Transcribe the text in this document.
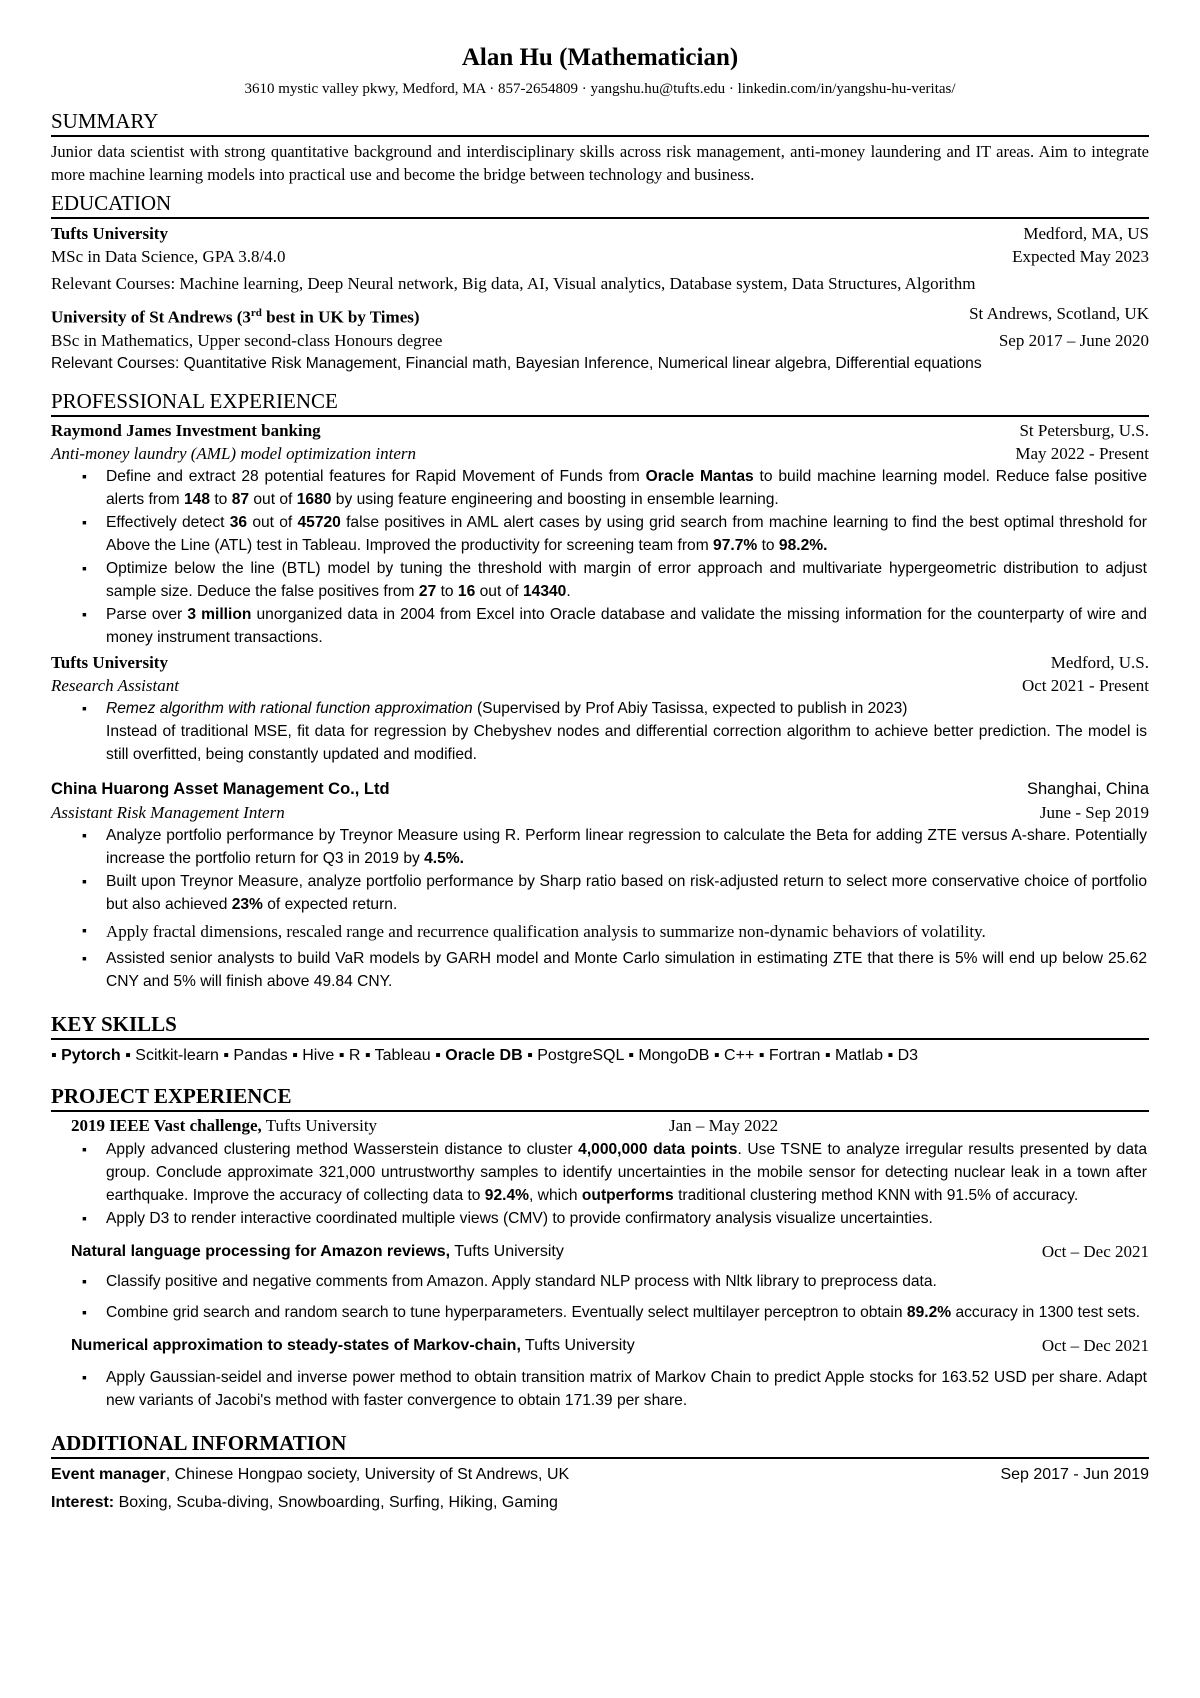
Alan Hu (Mathematician)
3610 mystic valley pkwy, Medford, MA · 857-2654809 · yangshu.hu@tufts.edu · linkedin.com/in/yangshu-hu-veritas/
SUMMARY
Junior data scientist with strong quantitative background and interdisciplinary skills across risk management, anti-money laundering and IT areas. Aim to integrate more machine learning models into practical use and become the bridge between technology and business.
EDUCATION
Tufts University	Medford, MA, US
MSc in Data Science, GPA 3.8/4.0	Expected May 2023
Relevant Courses: Machine learning, Deep Neural network, Big data, AI, Visual analytics, Database system, Data Structures, Algorithm
University of St Andrews (3rd best in UK by Times)	St Andrews, Scotland, UK
BSc in Mathematics, Upper second-class Honours degree	Sep 2017 – June 2020
Relevant Courses: Quantitative Risk Management, Financial math, Bayesian Inference, Numerical linear algebra, Differential equations
PROFESSIONAL EXPERIENCE
Raymond James Investment banking	St Petersburg, U.S.
Anti-money laundry (AML) model optimization intern	May 2022 - Present
▪ Define and extract 28 potential features for Rapid Movement of Funds from Oracle Mantas to build machine learning model. Reduce false positive alerts from 148 to 87 out of 1680 by using feature engineering and boosting in ensemble learning.
▪ Effectively detect 36 out of 45720 false positives in AML alert cases by using grid search from machine learning to find the best optimal threshold for Above the Line (ATL) test in Tableau. Improved the productivity for screening team from 97.7% to 98.2%.
▪ Optimize below the line (BTL) model by tuning the threshold with margin of error approach and multivariate hypergeometric distribution to adjust sample size. Deduce the false positives from 27 to 16 out of 14340.
▪ Parse over 3 million unorganized data in 2004 from Excel into Oracle database and validate the missing information for the counterparty of wire and money instrument transactions.
Tufts University	Medford, U.S.
Research Assistant	Oct 2021 - Present
▪ Remez algorithm with rational function approximation (Supervised by Prof Abiy Tasissa, expected to publish in 2023)
Instead of traditional MSE, fit data for regression by Chebyshev nodes and differential correction algorithm to achieve better prediction. The model is still overfitted, being constantly updated and modified.
China Huarong Asset Management Co., Ltd	Shanghai, China
Assistant Risk Management Intern	June - Sep 2019
▪ Analyze portfolio performance by Treynor Measure using R. Perform linear regression to calculate the Beta for adding ZTE versus A-share. Potentially increase the portfolio return for Q3 in 2019 by 4.5%.
▪ Built upon Treynor Measure, analyze portfolio performance by Sharp ratio based on risk-adjusted return to select more conservative choice of portfolio but also achieved 23% of expected return.
▪ Apply fractal dimensions, rescaled range and recurrence qualification analysis to summarize non-dynamic behaviors of volatility.
▪ Assisted senior analysts to build VaR models by GARH model and Monte Carlo simulation in estimating ZTE that there is 5% will end up below 25.62 CNY and 5% will finish above 49.84 CNY.
KEY SKILLS
▪ Pytorch ▪ Scitkit-learn ▪ Pandas ▪ Hive ▪ R ▪ Tableau ▪ Oracle DB ▪ PostgreSQL ▪ MongoDB ▪ C++ ▪ Fortran ▪ Matlab ▪ D3
PROJECT EXPERIENCE
2019 IEEE Vast challenge, Tufts University	Jan – May 2022
▪ Apply advanced clustering method Wasserstein distance to cluster 4,000,000 data points. Use TSNE to analyze irregular results presented by data group. Conclude approximate 321,000 untrustworthy samples to identify uncertainties in the mobile sensor for detecting nuclear leak in a town after earthquake. Improve the accuracy of collecting data to 92.4%, which outperforms traditional clustering method KNN with 91.5% of accuracy.
▪ Apply D3 to render interactive coordinated multiple views (CMV) to provide confirmatory analysis visualize uncertainties.
Natural language processing for Amazon reviews, Tufts University	Oct – Dec 2021
▪ Classify positive and negative comments from Amazon. Apply standard NLP process with Nltk library to preprocess data.
▪ Combine grid search and random search to tune hyperparameters. Eventually select multilayer perceptron to obtain 89.2% accuracy in 1300 test sets.
Numerical approximation to steady-states of Markov-chain, Tufts University	Oct – Dec 2021
▪ Apply Gaussian-seidel and inverse power method to obtain transition matrix of Markov Chain to predict Apple stocks for 163.52 USD per share. Adapt new variants of Jacobi's method with faster convergence to obtain 171.39 per share.
ADDITIONAL INFORMATION
Event manager, Chinese Hongpao society, University of St Andrews, UK	Sep 2017 - Jun 2019
Interest: Boxing, Scuba-diving, Snowboarding, Surfing, Hiking, Gaming
